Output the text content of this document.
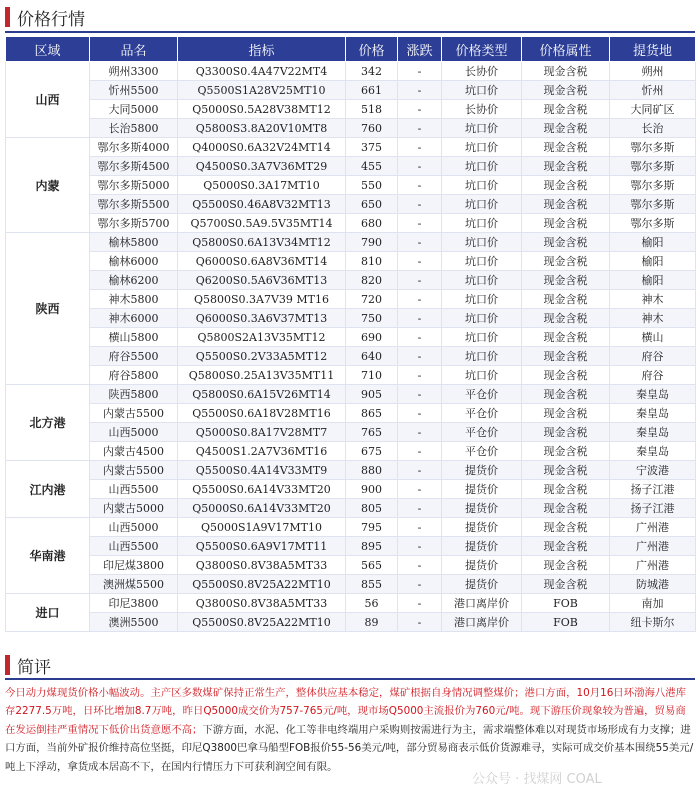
价格行情
区域	品名	指标	价格	涨跌	价格类型	价格属性	提货地
山西	朔州3300	Q3300S0.4A47V22MT4	342	-	长协价	现金含税	朔州
	忻州5500	Q5500S1A28V25MT10	661	-	坑口价	现金含税	忻州
	大同5000	Q5000S0.5A28V38MT12	518	-	长协价	现金含税	大同矿区
	长治5800	Q5800S3.8A20V10MT8	760	-	坑口价	现金含税	长治
内蒙	鄂尔多斯4000	Q4000S0.6A32V24MT14	375	-	坑口价	现金含税	鄂尔多斯
	鄂尔多斯4500	Q4500S0.3A7V36MT29	455	-	坑口价	现金含税	鄂尔多斯
	鄂尔多斯5000	Q5000S0.3A17MT10	550	-	坑口价	现金含税	鄂尔多斯
	鄂尔多斯5500	Q5500S0.46A8V32MT13	650	-	坑口价	现金含税	鄂尔多斯
	鄂尔多斯5700	Q5700S0.5A9.5V35MT14	680	-	坑口价	现金含税	鄂尔多斯
陕西	榆林5800	Q5800S0.6A13V34MT12	790	-	坑口价	现金含税	榆阳
	榆林6000	Q6000S0.6A8V36MT14	810	-	坑口价	现金含税	榆阳
	榆林6200	Q6200S0.5A6V36MT13	820	-	坑口价	现金含税	榆阳
	神木5800	Q5800S0.3A7V39 MT16	720	-	坑口价	现金含税	神木
	神木6000	Q6000S0.3A6V37MT13	750	-	坑口价	现金含税	神木
	横山5800	Q5800S2A13V35MT12	690	-	坑口价	现金含税	横山
	府谷5500	Q5500S0.2V33A5MT12	640	-	坑口价	现金含税	府谷
	府谷5800	Q5800S0.25A13V35MT11	710	-	坑口价	现金含税	府谷
北方港	陕西5800	Q5800S0.6A15V26MT14	905	-	平仓价	现金含税	秦皇岛
	内蒙古5500	Q5500S0.6A18V28MT16	865	-	平仓价	现金含税	秦皇岛
	山西5000	Q5000S0.8A17V28MT7	765	-	平仓价	现金含税	秦皇岛
	内蒙古4500	Q4500S1.2A7V36MT16	675	-	平仓价	现金含税	秦皇岛
江内港	内蒙古5500	Q5500S0.4A14V33MT9	880	-	提货价	现金含税	宁波港
	山西5500	Q5500S0.6A14V33MT20	900	-	提货价	现金含税	扬子江港
	内蒙古5000	Q5000S0.6A14V33MT20	805	-	提货价	现金含税	扬子江港
华南港	山西5000	Q5000S1A9V17MT10	795	-	提货价	现金含税	广州港
	山西5500	Q5500S0.6A9V17MT11	895	-	提货价	现金含税	广州港
	印尼煤3800	Q3800S0.8V38A5MT33	565	-	提货价	现金含税	广州港
	澳洲煤5500	Q5500S0.8V25A22MT10	855	-	提货价	现金含税	防城港
进口	印尼3800	Q3800S0.8V38A5MT33	56	-	港口离岸价	FOB	南加
	澳洲5500	Q5500S0.8V25A22MT10	89	-	港口离岸价	FOB	纽卡斯尔
简评
今日动力煤现货价格小幅波动。主产区多数煤矿保持正常生产，整体供应基本稳定，煤矿根据自身情况调整煤价；港口方面，10月16日环渤海八港库存2277.5万吨，日环比增加8.7万吨，昨日Q5000成交价为757-765元/吨，现市场Q5000主流报价为760元/吨。现下游压价现象较为普遍，贸易商在发运倒挂严重情况下低价出货意愿不高；下游方面，水泥、化工等非电终端用户采购则按需进行为主，需求端整体难以对现货市场形成有力支撑；进口方面，当前外矿报价维持高位坚挺，印尼Q3800巴拿马船型FOB报价55-56美元/吨，部分贸易商表示低价货源难寻，实际可成交价基本围绕55美元/吨上下浮动，拿货成本居高不下，在国内行情压力下可获利润空间有限。
公众号 · 找煤网 COAL
